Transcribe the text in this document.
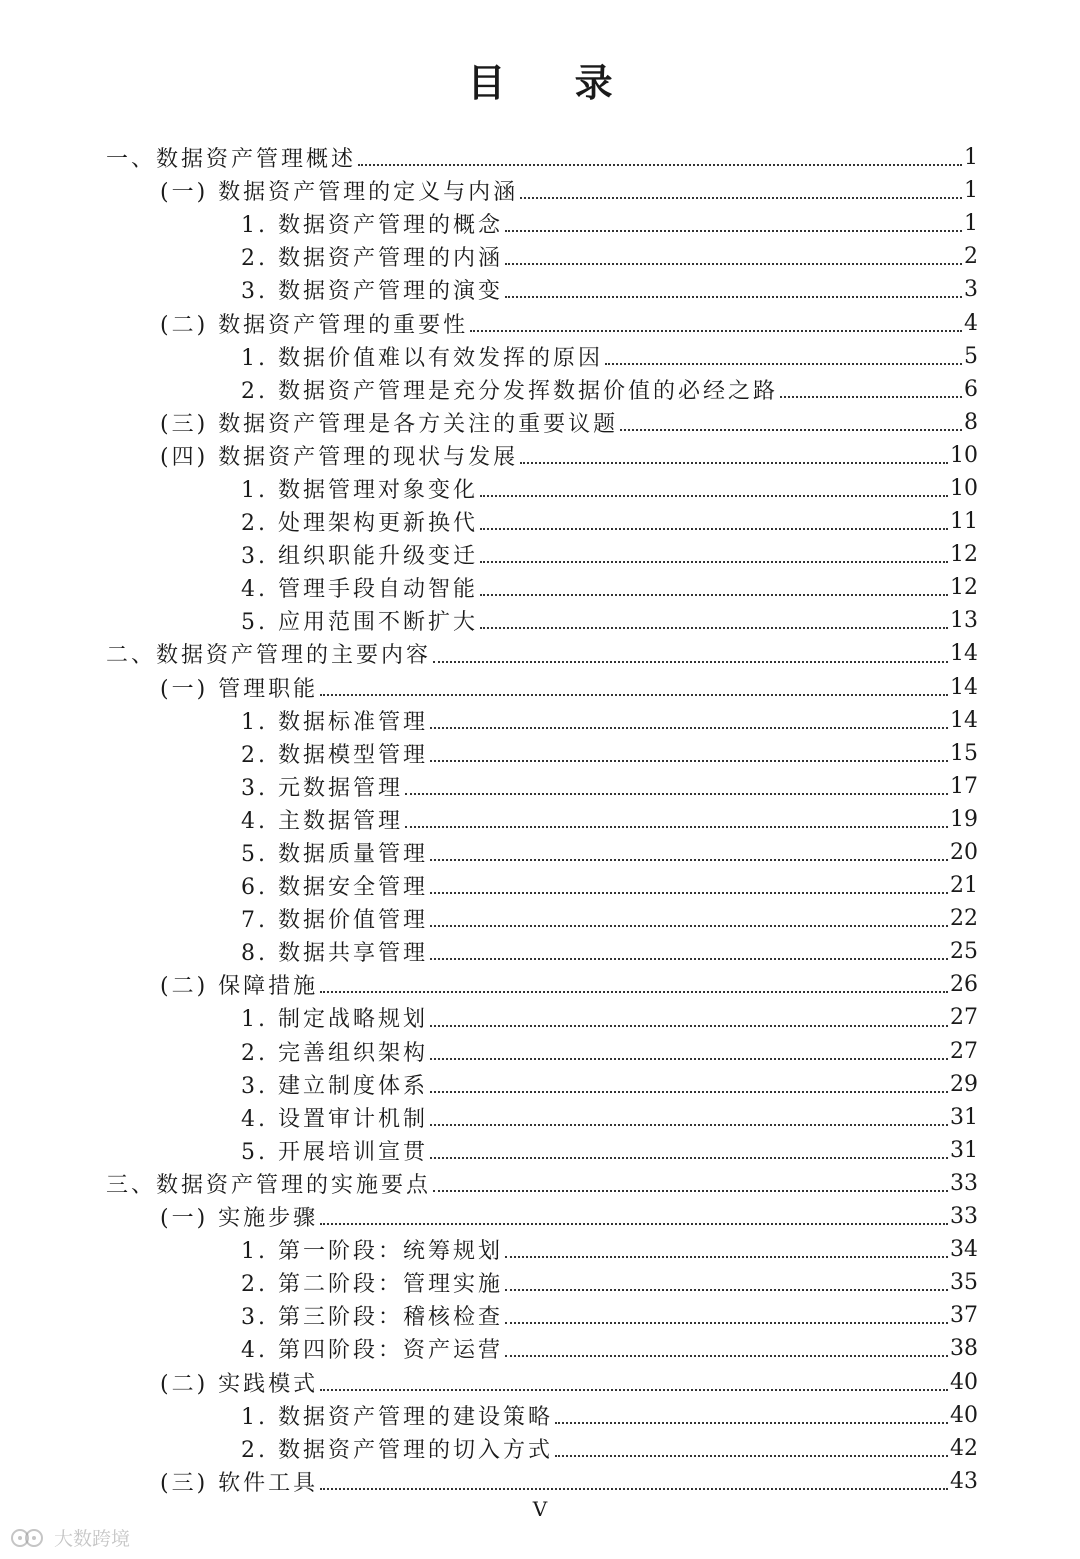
目 录
一、数据资产管理概述	1
(一) 数据资产管理的定义与内涵	1
1. 数据资产管理的概念	1
2. 数据资产管理的内涵	2
3. 数据资产管理的演变	3
(二) 数据资产管理的重要性	4
1. 数据价值难以有效发挥的原因	5
2. 数据资产管理是充分发挥数据价值的必经之路	6
(三) 数据资产管理是各方关注的重要议题	8
(四) 数据资产管理的现状与发展	10
1. 数据管理对象变化	10
2. 处理架构更新换代	11
3. 组织职能升级变迁	12
4. 管理手段自动智能	12
5. 应用范围不断扩大	13
二、数据资产管理的主要内容	14
(一) 管理职能	14
1. 数据标准管理	14
2. 数据模型管理	15
3. 元数据管理	17
4. 主数据管理	19
5. 数据质量管理	20
6. 数据安全管理	21
7. 数据价值管理	22
8. 数据共享管理	25
(二) 保障措施	26
1. 制定战略规划	27
2. 完善组织架构	27
3. 建立制度体系	29
4. 设置审计机制	31
5. 开展培训宣贯	31
三、数据资产管理的实施要点	33
(一) 实施步骤	33
1. 第一阶段：统筹规划	34
2. 第二阶段：管理实施	35
3. 第三阶段：稽核检查	37
4. 第四阶段：资产运营	38
(二) 实践模式	40
1. 数据资产管理的建设策略	40
2. 数据资产管理的切入方式	42
(三) 软件工具	43
V
大数跨境
